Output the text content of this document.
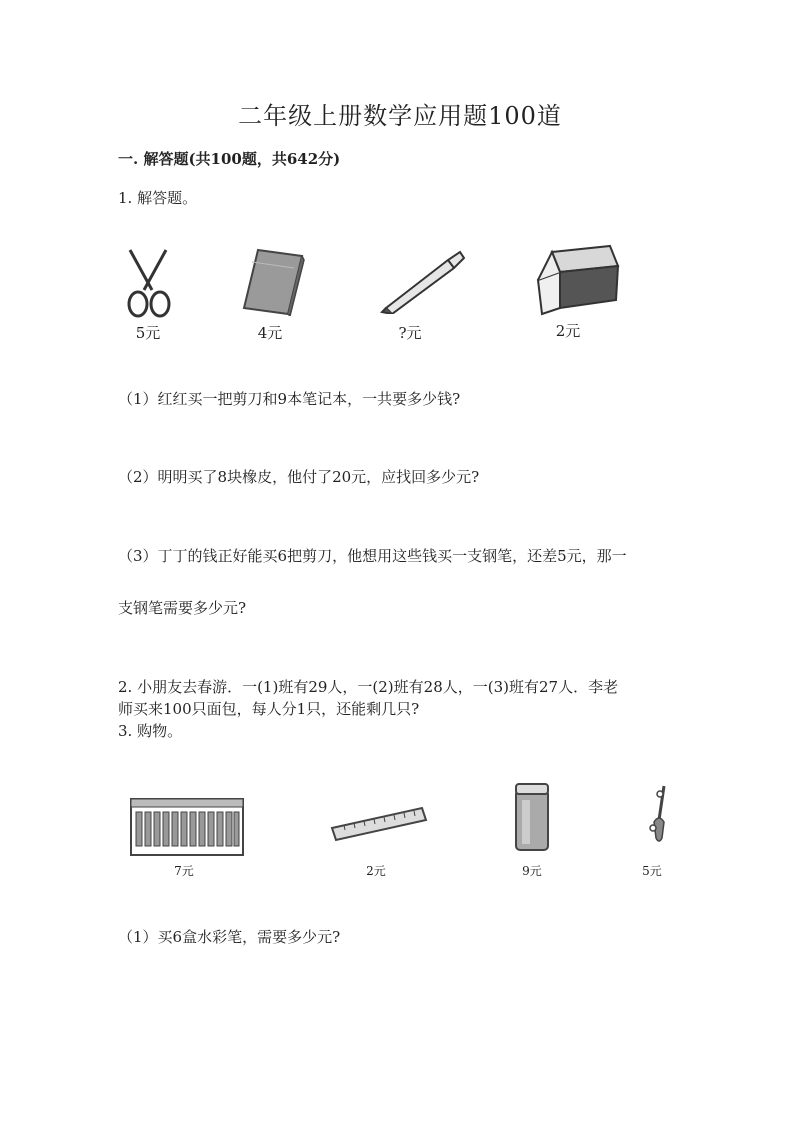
二年级上册数学应用题100道
一. 解答题(共100题，共642分)
1. 解答题。
5元	4元	?元	2元
（1）红红买一把剪刀和9本笔记本，一共要多少钱?
（2）明明买了8块橡皮，他付了20元，应找回多少元?
（3）丁丁的钱正好能买6把剪刀，他想用这些钱买一支钢笔，还差5元，那一
支钢笔需要多少元?
2. 小朋友去春游．一(1)班有29人，一(2)班有28人，一(3)班有27人．李老
师买来100只面包，每人分1只，还能剩几只?
3. 购物。
7元	2元	9元	5元
（1）买6盒水彩笔，需要多少元?
